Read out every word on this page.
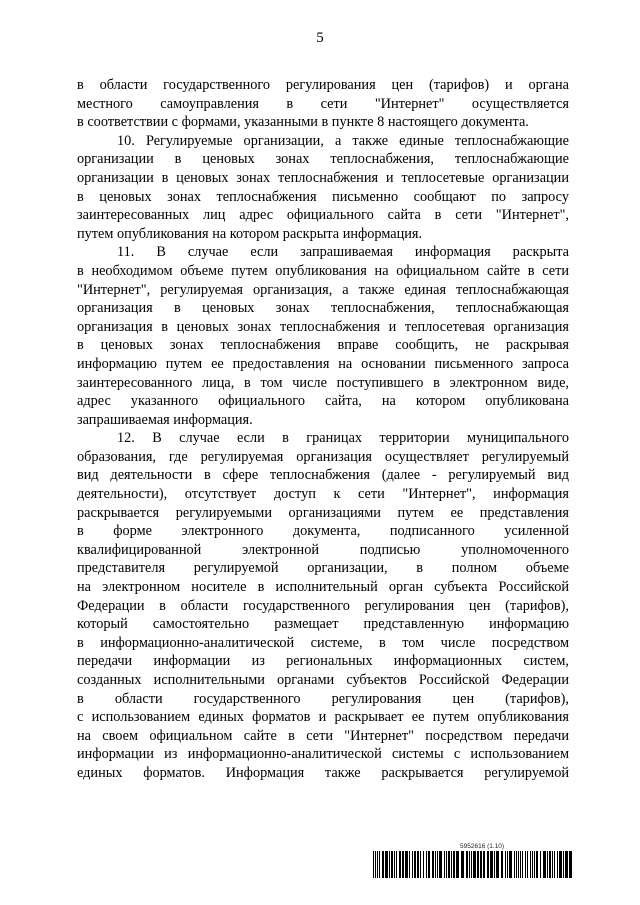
5
в области государственного регулирования цен (тарифов) и органа
местного самоуправления в сети "Интернет" осуществляется
в соответствии с формами, указанными в пункте 8 настоящего документа.
10. Регулируемые организации, а также единые теплоснабжающие
организации в ценовых зонах теплоснабжения, теплоснабжающие
организации в ценовых зонах теплоснабжения и теплосетевые организации
в ценовых зонах теплоснабжения письменно сообщают по запросу
заинтересованных лиц адрес официального сайта в сети "Интернет",
путем опубликования на котором раскрыта информация.
11. В случае если запрашиваемая информация раскрыта
в необходимом объеме путем опубликования на официальном сайте в сети
"Интернет", регулируемая организация, а также единая теплоснабжающая
организация в ценовых зонах теплоснабжения, теплоснабжающая
организация в ценовых зонах теплоснабжения и теплосетевая организация
в ценовых зонах теплоснабжения вправе сообщить, не раскрывая
информацию путем ее предоставления на основании письменного запроса
заинтересованного лица, в том числе поступившего в электронном виде,
адрес указанного официального сайта, на котором опубликована
запрашиваемая информация.
12. В случае если в границах территории муниципального
образования, где регулируемая организация осуществляет регулируемый
вид деятельности в сфере теплоснабжения (далее - регулируемый вид
деятельности), отсутствует доступ к сети "Интернет", информация
раскрывается регулируемыми организациями путем ее представления
в форме электронного документа, подписанного усиленной
квалифицированной электронной подписью уполномоченного
представителя регулируемой организации, в полном объеме
на электронном носителе в исполнительный орган субъекта Российской
Федерации в области государственного регулирования цен (тарифов),
который самостоятельно размещает представленную информацию
в информационно-аналитической системе, в том числе посредством
передачи информации из региональных информационных систем,
созданных исполнительными органами субъектов Российской Федерации
в области государственного регулирования цен (тарифов),
с использованием единых форматов и раскрывает ее путем опубликования
на своем официальном сайте в сети "Интернет" посредством передачи
информации из информационно-аналитической системы с использованием
единых форматов. Информация также раскрывается регулируемой
5952616 (1.10)
